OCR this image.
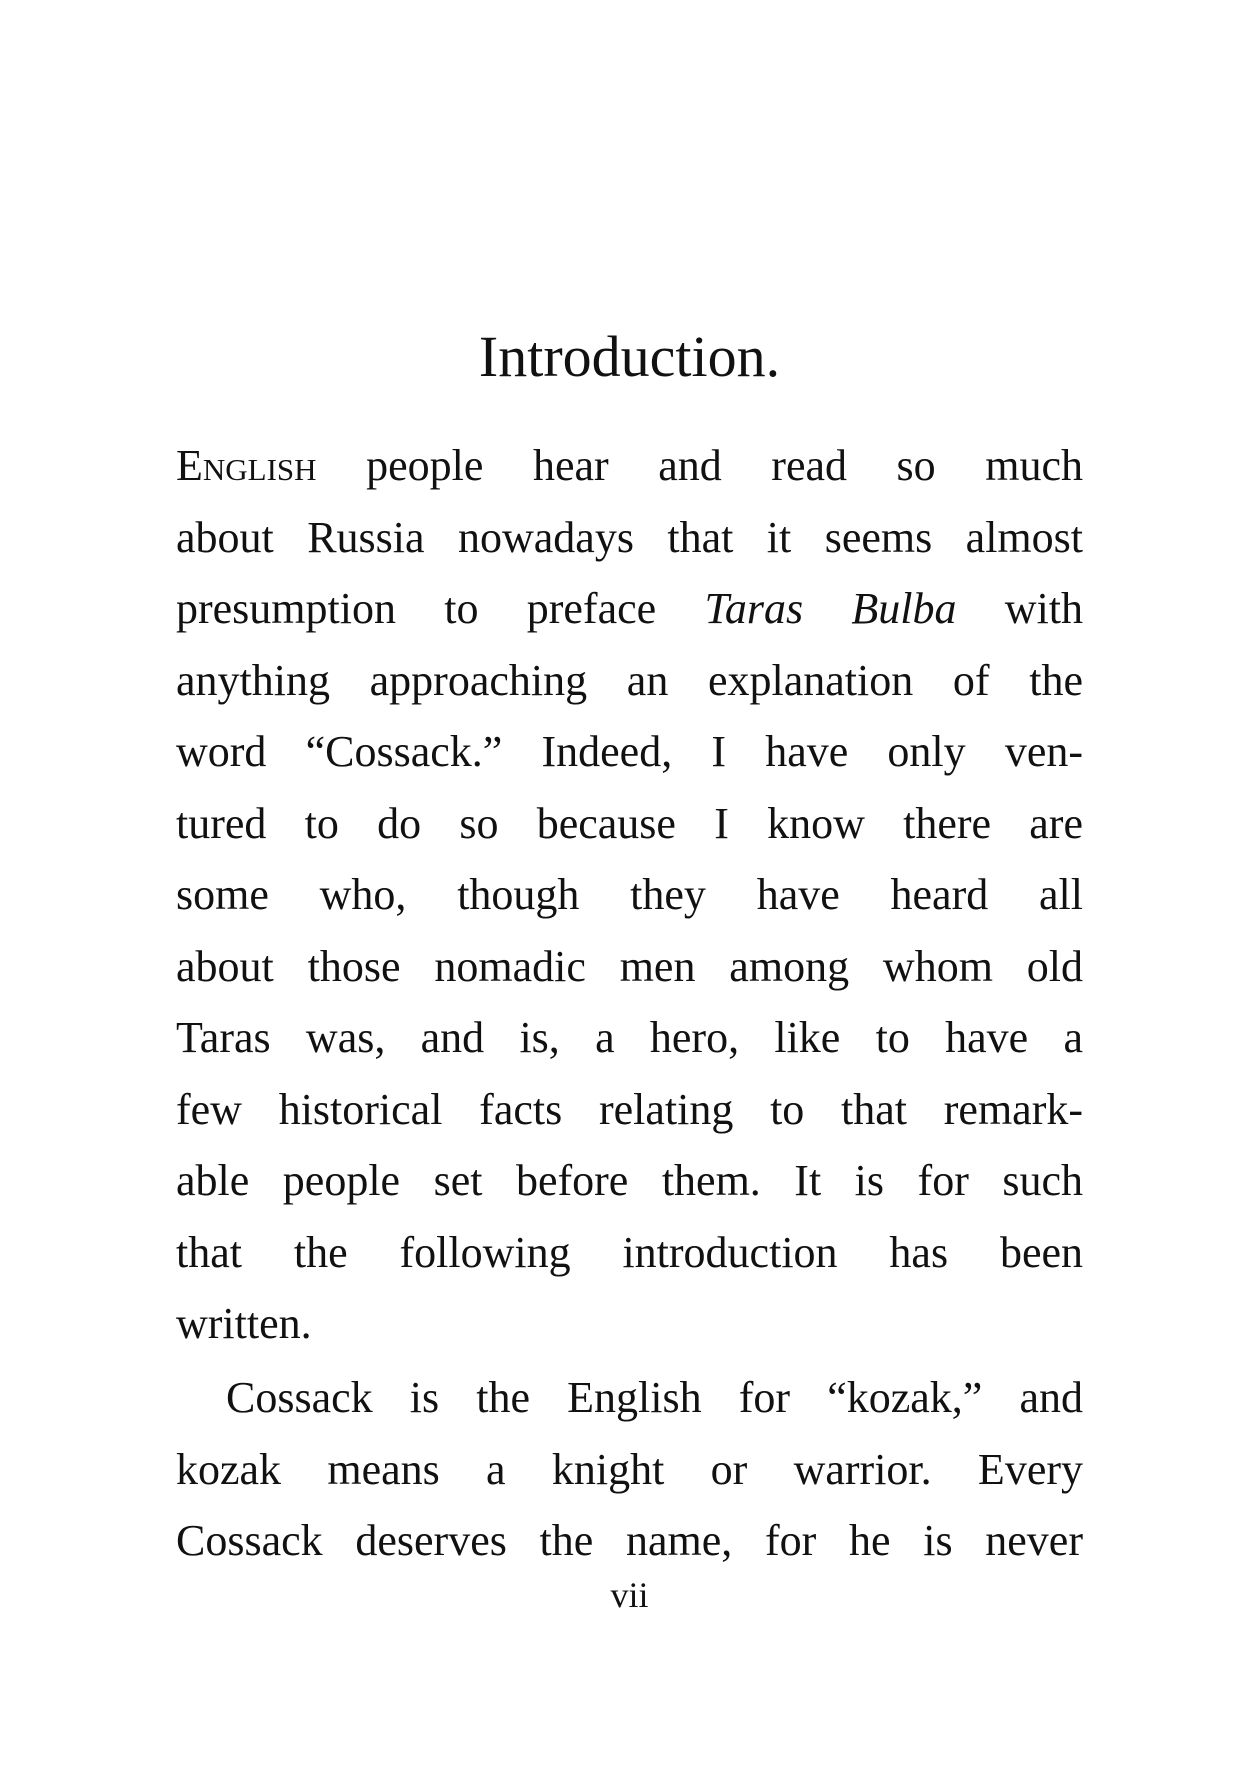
Introduction.
English people hear and read so much
about Russia nowadays that it seems almost
presumption to preface Taras Bulba with
anything approaching an explanation of the
word “Cossack.” Indeed, I have only ven-
tured to do so because I know there are
some who, though they have heard all
about those nomadic men among whom old
Taras was, and is, a hero, like to have a
few historical facts relating to that remark-
able people set before them. It is for such
that the following introduction has been
written.
Cossack is the English for “kozak,” and
kozak means a knight or warrior. Every
Cossack deserves the name, for he is never
vii
